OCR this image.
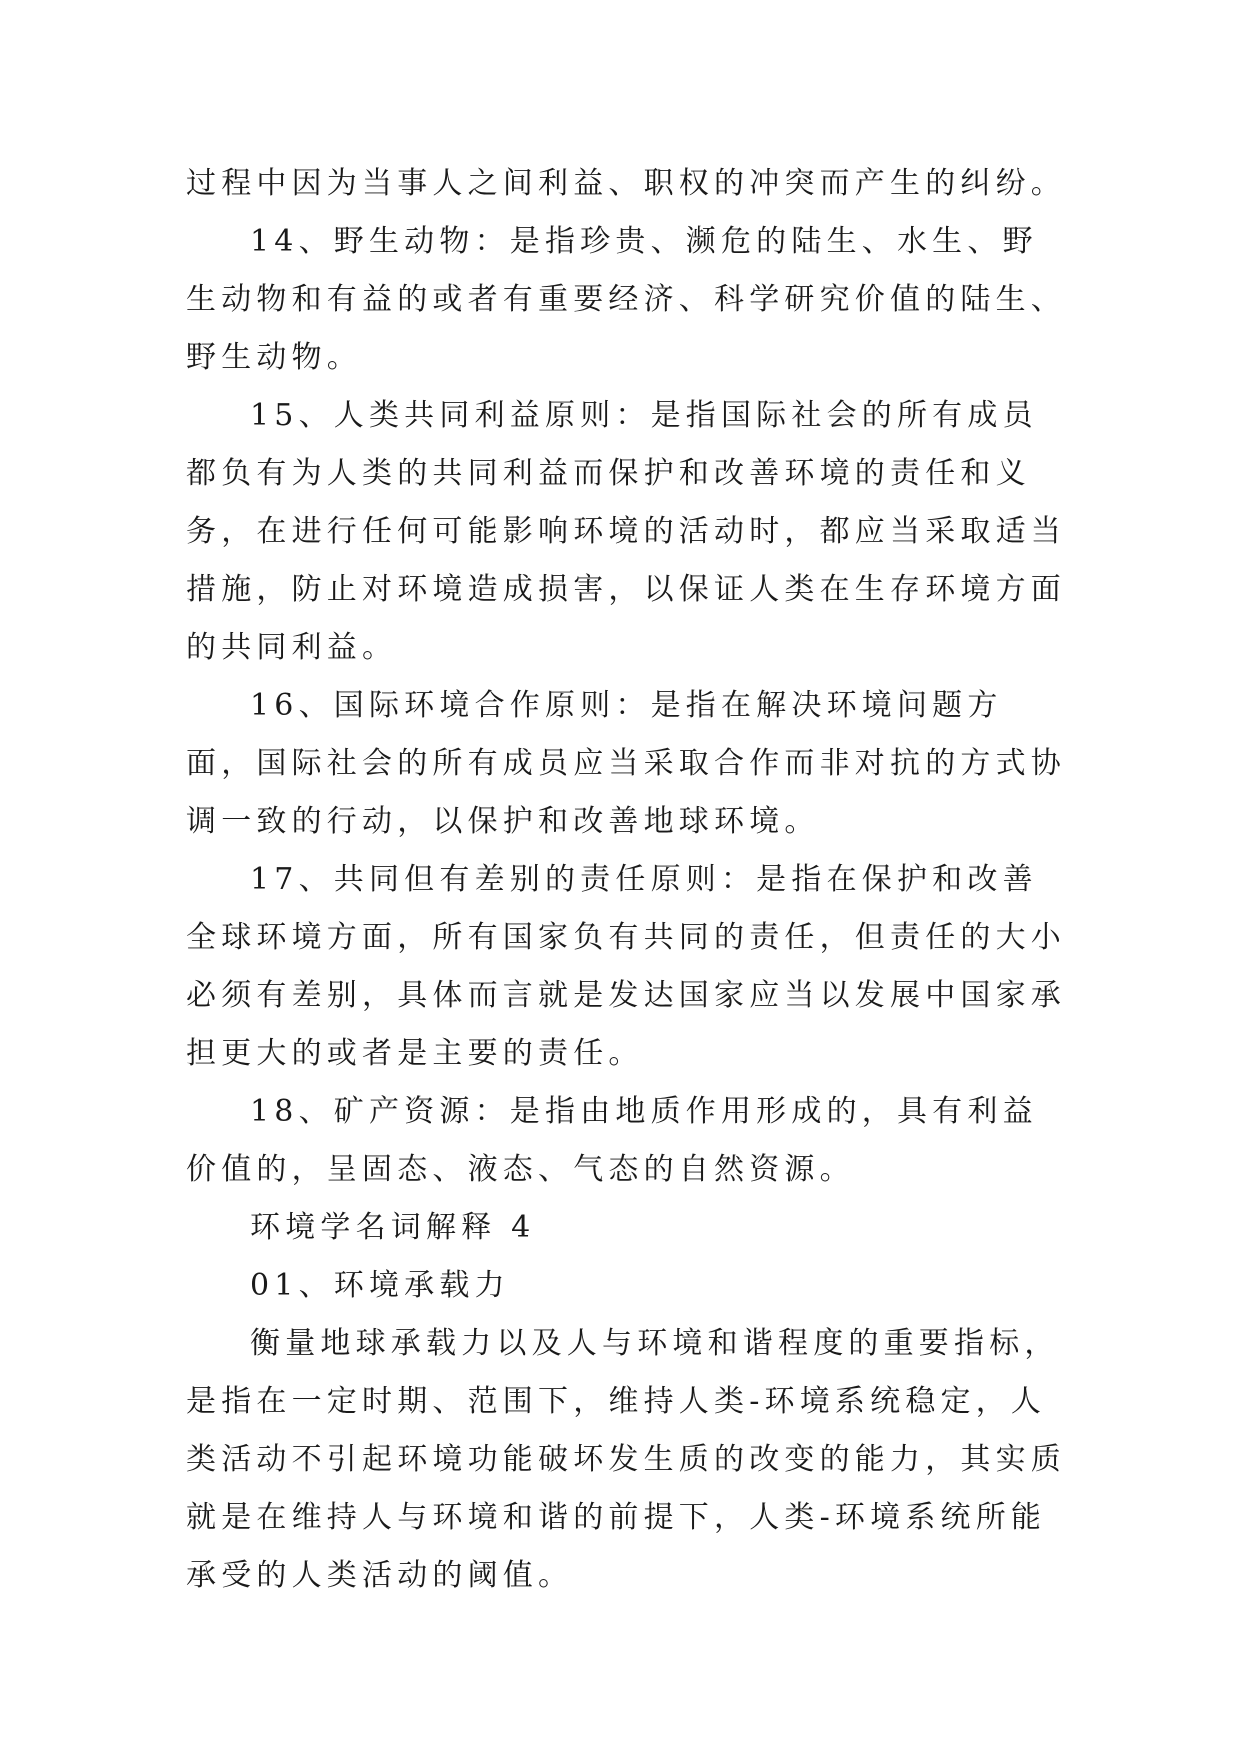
过程中因为当事人之间利益、职权的冲突而产生的纠纷。

14、野生动物：是指珍贵、濒危的陆生、水生、野生动物和有益的或者有重要经济、科学研究价值的陆生、野生动物。

15、人类共同利益原则：是指国际社会的所有成员都负有为人类的共同利益而保护和改善环境的责任和义务，在进行任何可能影响环境的活动时，都应当采取适当措施，防止对环境造成损害，以保证人类在生存环境方面的共同利益。

16、国际环境合作原则：是指在解决环境问题方面，国际社会的所有成员应当采取合作而非对抗的方式协调一致的行动，以保护和改善地球环境。

17、共同但有差别的责任原则：是指在保护和改善全球环境方面，所有国家负有共同的责任，但责任的大小必须有差别，具体而言就是发达国家应当以发展中国家承担更大的或者是主要的责任。

18、矿产资源：是指由地质作用形成的，具有利益价值的，呈固态、液态、气态的自然资源。

环境学名词解释 4

01、环境承载力

衡量地球承载力以及人与环境和谐程度的重要指标，是指在一定时期、范围下，维持人类-环境系统稳定，人类活动不引起环境功能破坏发生质的改变的能力，其实质就是在维持人与环境和谐的前提下，人类-环境系统所能承受的人类活动的阈值。
